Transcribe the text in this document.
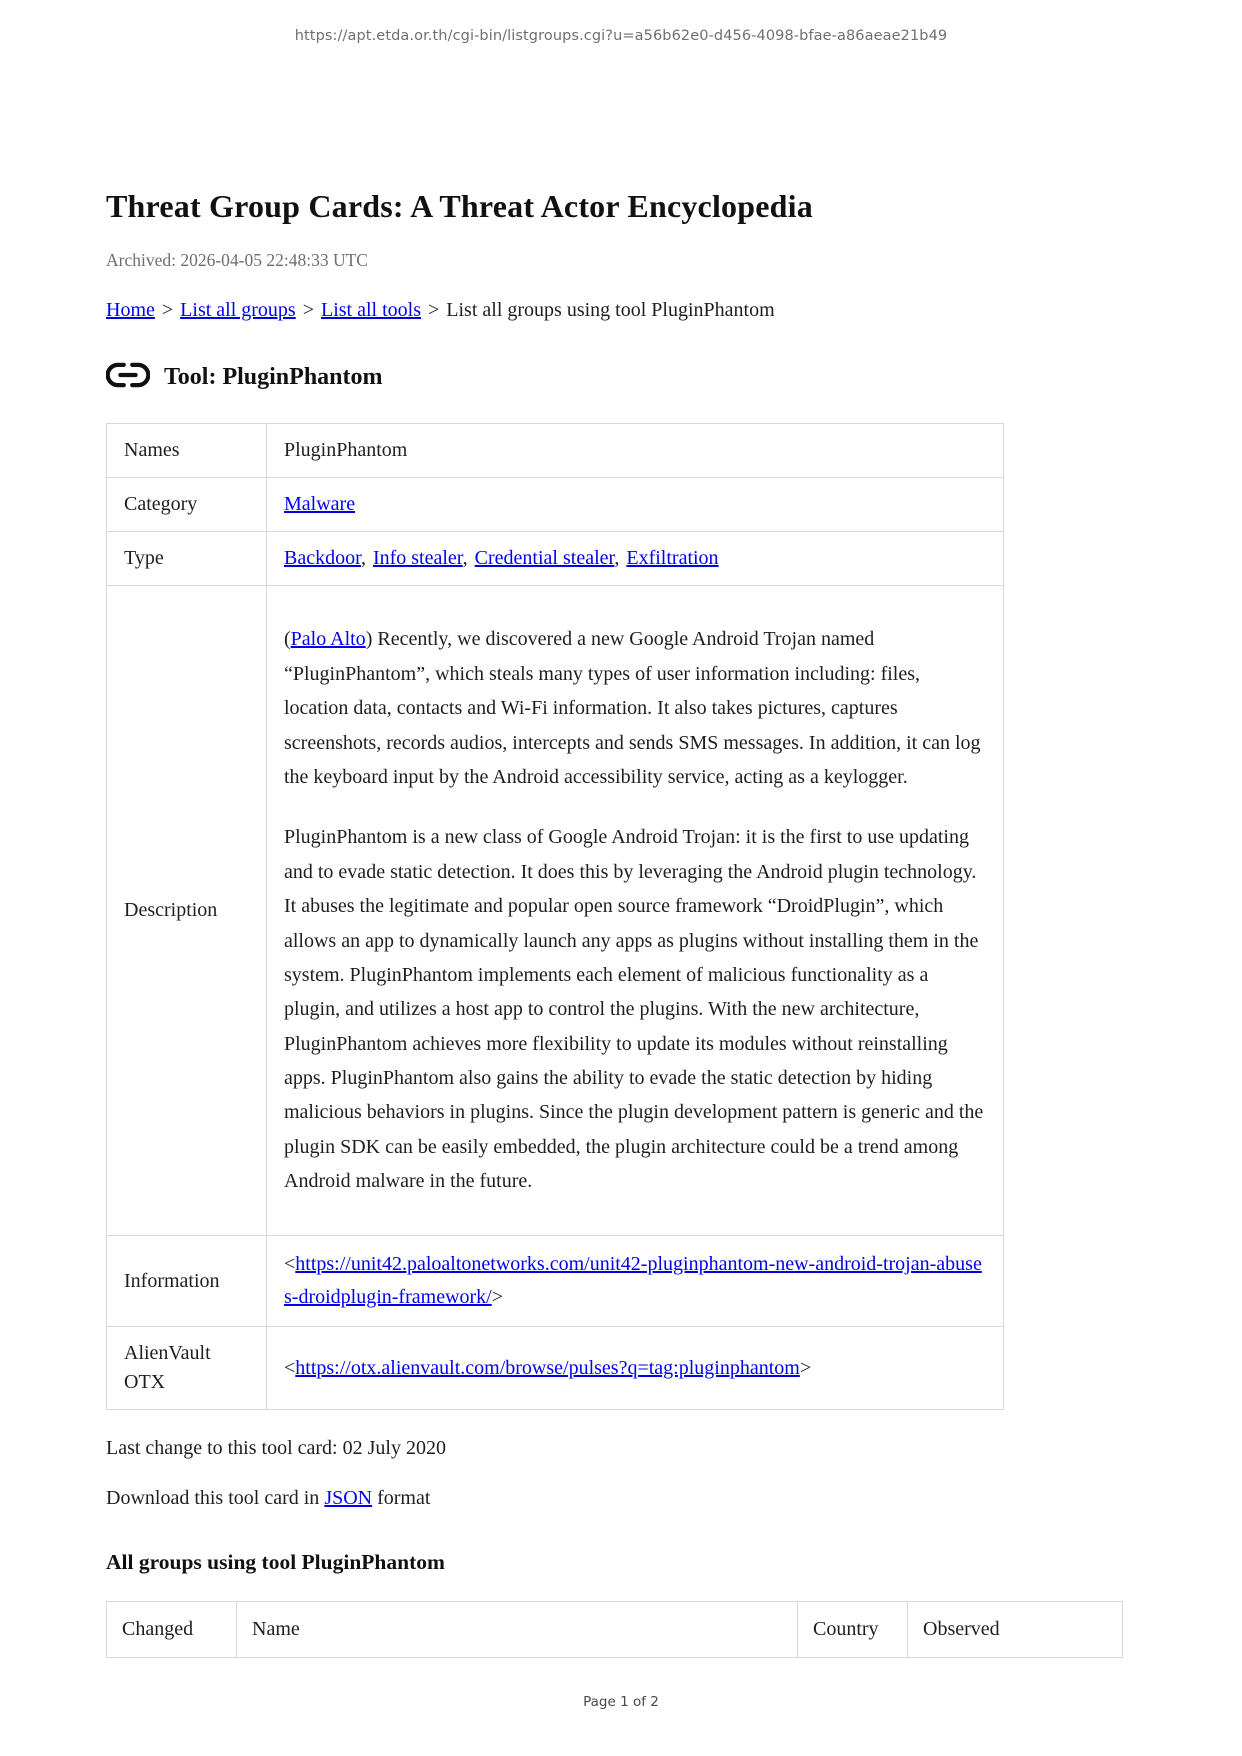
https://apt.etda.or.th/cgi-bin/listgroups.cgi?u=a56b62e0-d456-4098-bfae-a86aeae21b49
Threat Group Cards: A Threat Actor Encyclopedia

Archived: 2026-04-05 22:48:33 UTC

Home > List all groups > List all tools > List all groups using tool PluginPhantom
Tool: PluginPhantom
Names	PluginPhantom
Category	Malware
Type	Backdoor, Info stealer, Credential stealer, Exfiltration
Description	(Palo Alto) Recently, we discovered a new Google Android Trojan named “PluginPhantom”, which steals many types of user information including: files, location data, contacts and Wi-Fi information. It also takes pictures, captures screenshots, records audios, intercepts and sends SMS messages. In addition, it can log the keyboard input by the Android accessibility service, acting as a keylogger.

PluginPhantom is a new class of Google Android Trojan: it is the first to use updating and to evade static detection. It does this by leveraging the Android plugin technology. It abuses the legitimate and popular open source framework “DroidPlugin”, which allows an app to dynamically launch any apps as plugins without installing them in the system. PluginPhantom implements each element of malicious functionality as a plugin, and utilizes a host app to control the plugins. With the new architecture, PluginPhantom achieves more flexibility to update its modules without reinstalling apps. PluginPhantom also gains the ability to evade the static detection by hiding malicious behaviors in plugins. Since the plugin development pattern is generic and the plugin SDK can be easily embedded, the plugin architecture could be a trend among Android malware in the future.

Information	<https://unit42.paloaltonetworks.com/unit42-pluginphantom-new-android-trojan-abuses-droidplugin-framework/>
AlienVault OTX	<https://otx.alienvault.com/browse/pulses?q=tag:pluginphantom>

Last change to this tool card: 02 July 2020

Download this tool card in JSON format

All groups using tool PluginPhantom
Changed	Name	Country	Observed
Page 1 of 2
